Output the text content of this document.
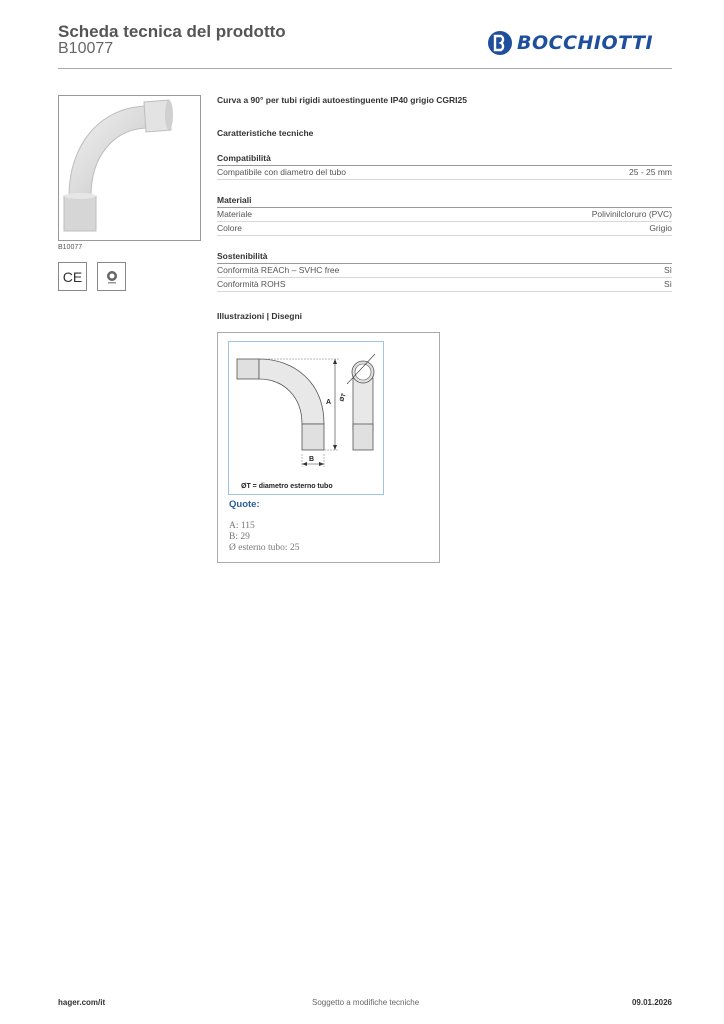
Scheda tecnica del prodotto
B10077	BOCCHIOTTI
B10077
CE
Curva a 90° per tubi rigidi autoestinguente IP40 grigio CGRI25
Caratteristiche tecniche
Compatibilità
Compatibile con diametro del tubo	25 - 25 mm
Materiali
Materiale	Polivinilcloruro (PVC)
Colore	Grigio
Sostenibilità
Conformità REACh – SVHC free	Sì
Conformità ROHS	Sì
Illustrazioni | Disegni
A
B
ØT
ØT = diametro esterno tubo
Quote:
A: 115
B: 29
Ø esterno tubo: 25
hager.com/it	Soggetto a modifiche tecniche	09.01.2026
